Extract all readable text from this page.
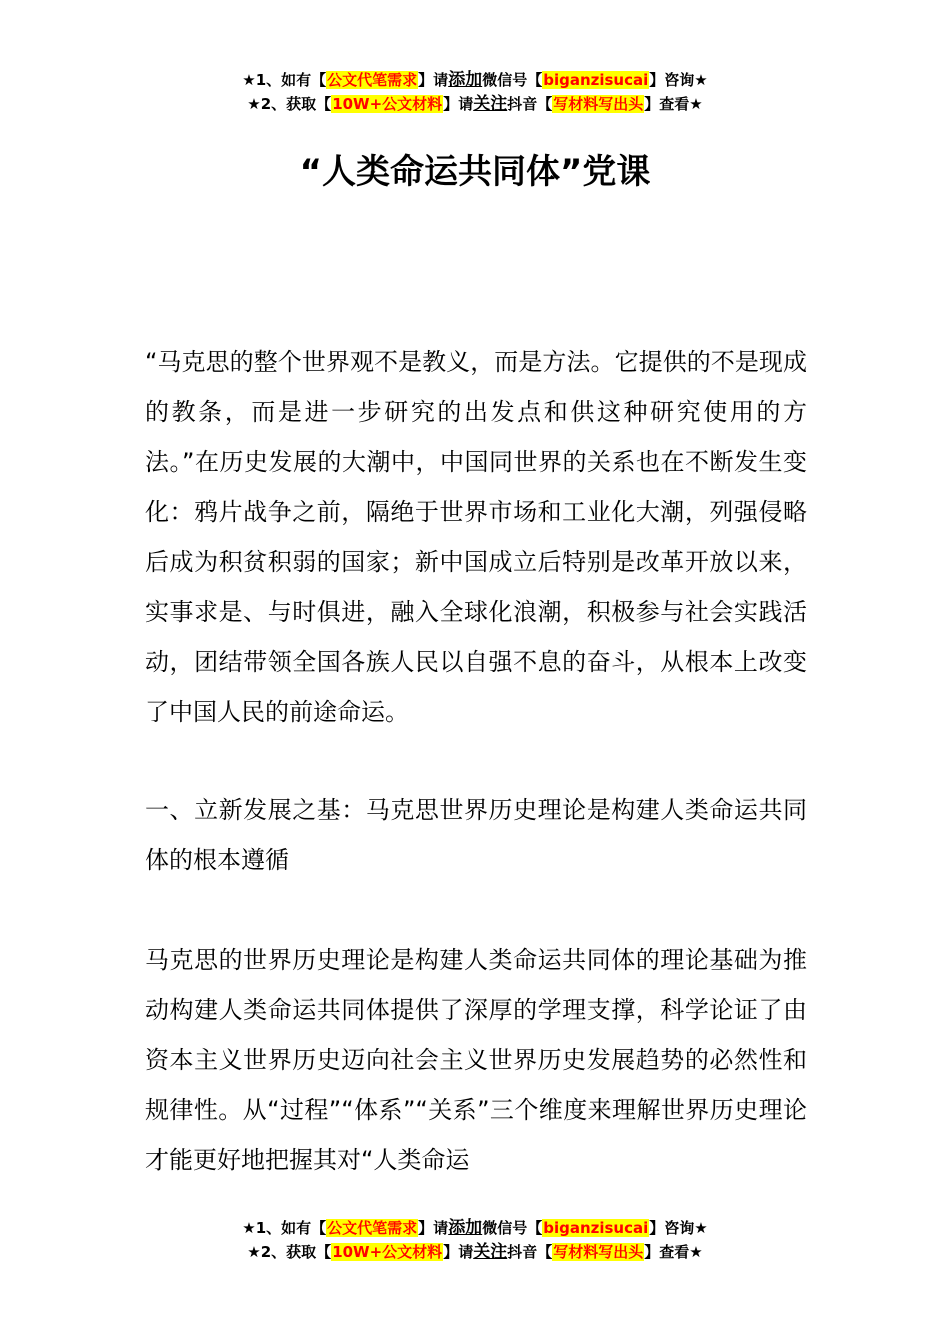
★1、如有【公文代笔需求】请添加微信号【biganzisucai】咨询★
★2、获取【10W+公文材料】请关注抖音【写材料写出头】查看★
“人类命运共同体”党课

“马克思的整个世界观不是教义，而是方法。它提供的不是现成的教条，而是进一步研究的出发点和供这种研究使用的方法。”在历史发展的大潮中，中国同世界的关系也在不断发生变化：鸦片战争之前，隔绝于世界市场和工业化大潮，列强侵略后成为积贫积弱的国家；新中国成立后特别是改革开放以来，实事求是、与时俱进，融入全球化浪潮，积极参与社会实践活动，团结带领全国各族人民以自强不息的奋斗，从根本上改变了中国人民的前途命运。

一、立新发展之基：马克思世界历史理论是构建人类命运共同体的根本遵循

马克思的世界历史理论是构建人类命运共同体的理论基础为推动构建人类命运共同体提供了深厚的学理支撑，科学论证了由资本主义世界历史迈向社会主义世界历史发展趋势的必然性和规律性。从“过程”“体系”“关系”三个维度来理解世界历史理论才能更好地把握其对“人类命运

★1、如有【公文代笔需求】请添加微信号【biganzisucai】咨询★
★2、获取【10W+公文材料】请关注抖音【写材料写出头】查看★
